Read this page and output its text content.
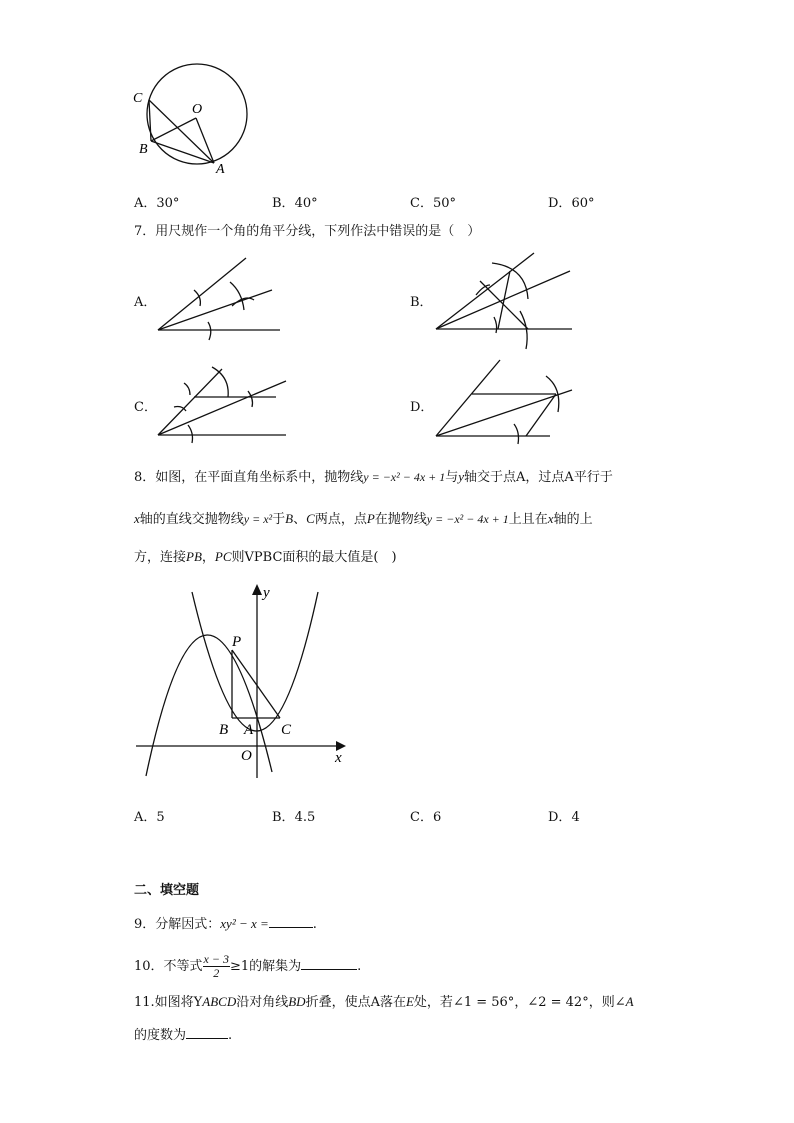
C
O
B
A
A．30°	B．40°	C．50°	D．60°
7．用尺规作一个角的角平分线，下列作法中错误的是（　）
A．	B．
C．	D．
8．如图，在平面直角坐标系中，抛物线y = −x² − 4x + 1与y轴交于点A，过点A平行于
x轴的直线交抛物线y = x²于B、C两点，点P在抛物线y = −x² − 4x + 1上且在x轴的上
方，连接PB，PC则VPBC面积的最大值是(　)
y
P
B A C
O	x
A．5	B．4.5	C．6	D．4
二、填空题
9．分解因式：xy² − x =	.
10．不等式 $\frac{x - 3}{2} \ge 1$的解集为	.
11.如图将YABCD沿对角线BD折叠，使点A落在E处，若∠1 = 56°，∠2 = 42°，则∠A
的度数为	.
